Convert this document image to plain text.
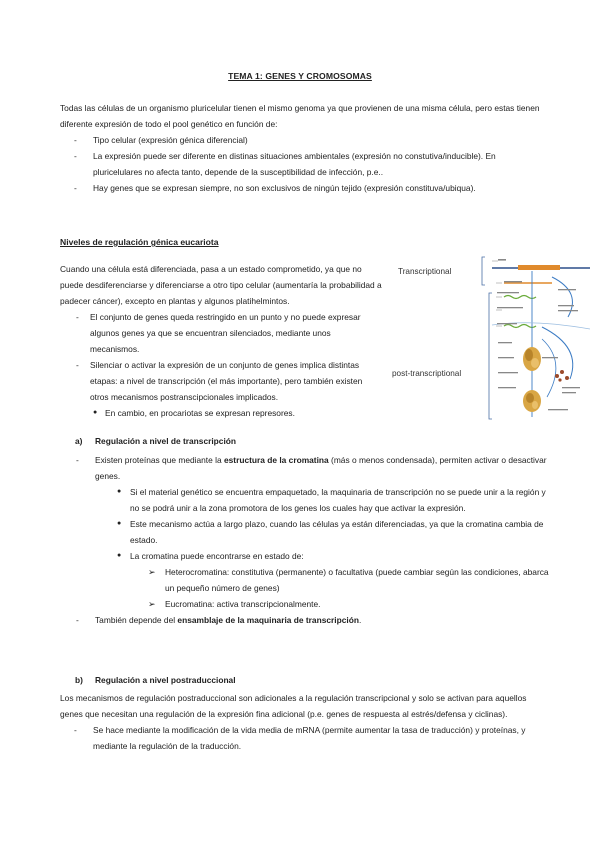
TEMA 1: GENES Y CROMOSOMAS
Todas las células de un organismo pluricelular tienen el mismo genoma ya que provienen de una misma célula, pero estas tienen diferente expresión de todo el pool genético en función de:
- Tipo celular (expresión génica diferencial)
- La expresión puede ser diferente en distinas situaciones ambientales (expresión no constutiva/inducible). En pluricelulares no afecta tanto, depende de la susceptibilidad de infección, p.e..
- Hay genes que se expresan siempre, no son exclusivos de ningún tejido (expresión constituva/ubiqua).
Niveles de regulación génica eucariota
Cuando una célula está diferenciada, pasa a un estado comprometido, ya que no puede desdiferenciarse y diferenciarse a otro tipo celular (aumentaría la probabilidad a padecer cáncer), excepto en plantas y algunos platihelmintos.
- El conjunto de genes queda restringido en un punto y no puede expresar algunos genes ya que se encuentran silenciados, mediante unos mecanismos.
- Silenciar o activar la expresión de un conjunto de genes implica distintas etapas: a nivel de transcripción (el más importante), pero también existen otros mecanismos postranscipcionales implicados.
● En cambio, en procariotas se expresan represores.
Transcriptional
post-transcriptional
a) Regulación a nivel de transcripción
- Existen proteínas que mediante la estructura de la cromatina (más o menos condensada), permiten activar o desactivar genes.
● Si el material genético se encuentra empaquetado, la maquinaria de transcripción no se puede unir a la región y no se podrá unir a la zona promotora de los genes los cuales hay que activar la expresión.
● Este mecanismo actúa a largo plazo, cuando las células ya están diferenciadas, ya que la cromatina cambia de estado.
● La cromatina puede encontrarse en estado de:
➢ Heterocromatina: constitutiva (permanente) o facultativa (puede cambiar según las condiciones, abarca un pequeño número de genes)
➢ Eucromatina: activa transcripcionalmente.
- También depende del ensamblaje de la maquinaria de transcripción.
b) Regulación a nivel postraduccional
Los mecanismos de regulación postraduccional son adicionales a la regulación transcripcional y solo se activan para aquellos genes que necesitan una regulación de la expresión fina adicional (p.e. genes de respuesta al estrés/defensa y ciclinas).
- Se hace mediante la modificación de la vida media de mRNA (permite aumentar la tasa de traducción) y proteínas, y mediante la regulación de la traducción.
